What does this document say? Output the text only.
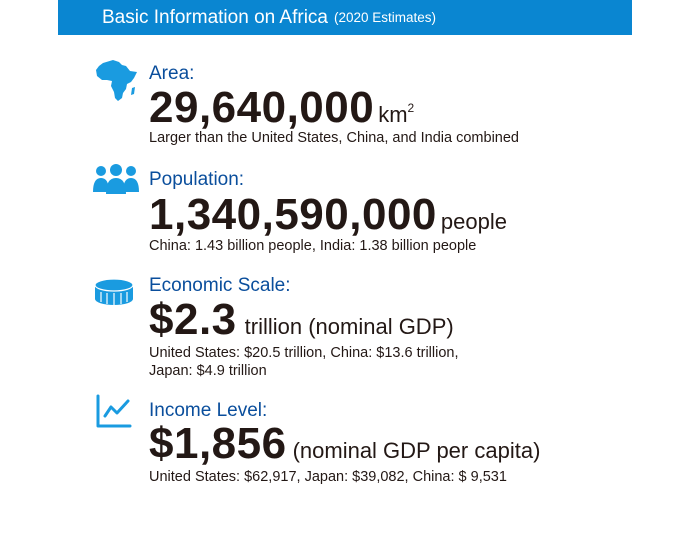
Basic Information on Africa (2020 Estimates)
Area:
29,640,000 $km^2$
Larger than the United States, China, and India combined
Population:
1,340,590,000 people
China: 1.43 billion people, India: 1.38 billion people
Economic Scale:
$2.3 trillion (nominal GDP)
United States: $20.5 trillion, China: $13.6 trillion,
Japan: $4.9 trillion
Income Level:
$1,856 (nominal GDP per capita)
United States: $62,917, Japan: $39,082, China: $ 9,531
